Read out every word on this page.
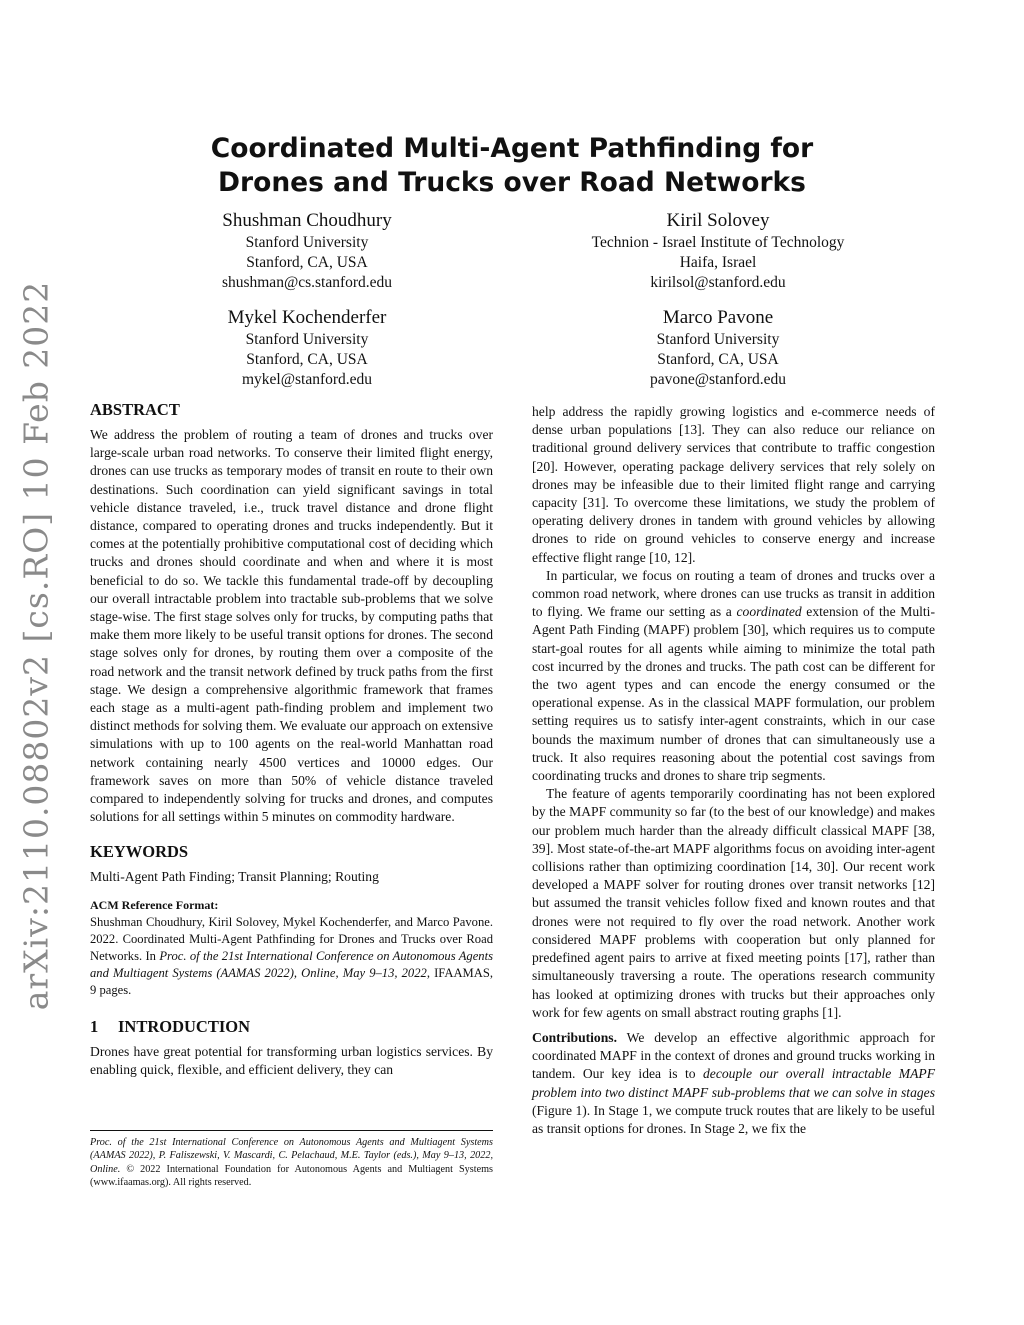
arXiv:2110.08802v2 [cs.RO] 10 Feb 2022
Coordinated Multi-Agent Pathfinding for
Drones and Trucks over Road Networks
Shushman Choudhury
Stanford University
Stanford, CA, USA
shushman@cs.stanford.edu
Kiril Solovey
Technion - Israel Institute of Technology
Haifa, Israel
kirilsol@stanford.edu
Mykel Kochenderfer
Stanford University
Stanford, CA, USA
mykel@stanford.edu
Marco Pavone
Stanford University
Stanford, CA, USA
pavone@stanford.edu
ABSTRACT

We address the problem of routing a team of drones and trucks over large-scale urban road networks. To conserve their limited flight energy, drones can use trucks as temporary modes of transit en route to their own destinations. Such coordination can yield significant savings in total vehicle distance traveled, i.e., truck travel distance and drone flight distance, compared to operating drones and trucks independently. But it comes at the potentially prohibitive computational cost of deciding which trucks and drones should coordinate and when and where it is most beneficial to do so. We tackle this fundamental trade-off by decoupling our overall intractable problem into tractable sub-problems that we solve stage-wise. The first stage solves only for trucks, by computing paths that make them more likely to be useful transit options for drones. The second stage solves only for drones, by routing them over a composite of the road network and the transit network defined by truck paths from the first stage. We design a comprehensive algorithmic framework that frames each stage as a multi-agent path-finding problem and implement two distinct methods for solving them. We evaluate our approach on extensive simulations with up to 100 agents on the real-world Manhattan road network containing nearly 4500 vertices and 10000 edges. Our framework saves on more than 50% of vehicle distance traveled compared to independently solving for trucks and drones, and computes solutions for all settings within 5 minutes on commodity hardware.

KEYWORDS

Multi-Agent Path Finding; Transit Planning; Routing

ACM Reference Format:

Shushman Choudhury, Kiril Solovey, Mykel Kochenderfer, and Marco Pavone. 2022. Coordinated Multi-Agent Pathfinding for Drones and Trucks over Road Networks. In Proc. of the 21st International Conference on Autonomous Agents and Multiagent Systems (AAMAS 2022), Online, May 9–13, 2022, IFAAMAS, 9 pages.

1 INTRODUCTION

Drones have great potential for transforming urban logistics services. By enabling quick, flexible, and efficient delivery, they can

Proc. of the 21st International Conference on Autonomous Agents and Multiagent Systems (AAMAS 2022), P. Faliszewski, V. Mascardi, C. Pelachaud, M.E. Taylor (eds.), May 9–13, 2022, Online. © 2022 International Foundation for Autonomous Agents and Multiagent Systems (www.ifaamas.org). All rights reserved.

help address the rapidly growing logistics and e-commerce needs of dense urban populations [13]. They can also reduce our reliance on traditional ground delivery services that contribute to traffic congestion [20]. However, operating package delivery services that rely solely on drones may be infeasible due to their limited flight range and carrying capacity [31]. To overcome these limitations, we study the problem of operating delivery drones in tandem with ground vehicles by allowing drones to ride on ground vehicles to conserve energy and increase effective flight range [10, 12].

In particular, we focus on routing a team of drones and trucks over a common road network, where drones can use trucks as transit in addition to flying. We frame our setting as a coordinated extension of the Multi-Agent Path Finding (MAPF) problem [30], which requires us to compute start-goal routes for all agents while aiming to minimize the total path cost incurred by the drones and trucks. The path cost can be different for the two agent types and can encode the energy consumed or the operational expense. As in the classical MAPF formulation, our problem setting requires us to satisfy inter-agent constraints, which in our case bounds the maximum number of drones that can simultaneously use a truck. It also requires reasoning about the potential cost savings from coordinating trucks and drones to share trip segments.

The feature of agents temporarily coordinating has not been explored by the MAPF community so far (to the best of our knowledge) and makes our problem much harder than the already difficult classical MAPF [38, 39]. Most state-of-the-art MAPF algorithms focus on avoiding inter-agent collisions rather than optimizing coordination [14, 30]. Our recent work developed a MAPF solver for routing drones over transit networks [12] but assumed the transit vehicles follow fixed and known routes and that drones were not required to fly over the road network. Another work considered MAPF problems with cooperation but only planned for predefined agent pairs to arrive at fixed meeting points [17], rather than simultaneously traversing a route. The operations research community has looked at optimizing drones with trucks but their approaches only work for few agents on small abstract routing graphs [1].

Contributions. We develop an effective algorithmic approach for coordinated MAPF in the context of drones and ground trucks working in tandem. Our key idea is to decouple our overall intractable MAPF problem into two distinct MAPF sub-problems that we can solve in stages (Figure 1). In Stage 1, we compute truck routes that are likely to be useful as transit options for drones. In Stage 2, we fix the
